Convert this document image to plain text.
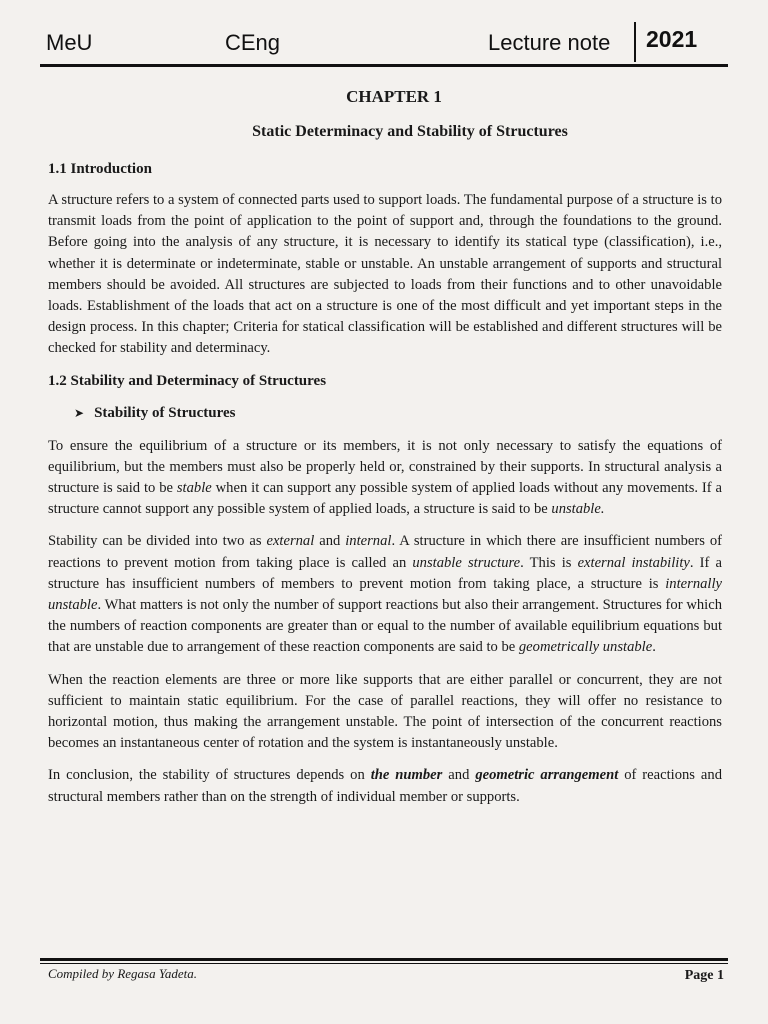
MeU	CEng	Lecture note 2021
CHAPTER 1
Static Determinacy and Stability of Structures
1.1 Introduction

A structure refers to a system of connected parts used to support loads. The fundamental purpose of a structure is to transmit loads from the point of application to the point of support and, through the foundations to the ground. Before going into the analysis of any structure, it is necessary to identify its statical type (classification), i.e., whether it is determinate or indeterminate, stable or unstable. An unstable arrangement of supports and structural members should be avoided. All structures are subjected to loads from their functions and to other unavoidable loads. Establishment of the loads that act on a structure is one of the most difficult and yet important steps in the design process. In this chapter; Criteria for statical classification will be established and different structures will be checked for stability and determinacy.

1.2 Stability and Determinacy of Structures
➤ Stability of Structures

To ensure the equilibrium of a structure or its members, it is not only necessary to satisfy the equations of equilibrium, but the members must also be properly held or, constrained by their supports. In structural analysis a structure is said to be stable when it can support any possible system of applied loads without any movements. If a structure cannot support any possible system of applied loads, a structure is said to be unstable.

Stability can be divided into two as external and internal. A structure in which there are insufficient numbers of reactions to prevent motion from taking place is called an unstable structure. This is external instability. If a structure has insufficient numbers of members to prevent motion from taking place, a structure is internally unstable. What matters is not only the number of support reactions but also their arrangement. Structures for which the numbers of reaction components are greater than or equal to the number of available equilibrium equations but that are unstable due to arrangement of these reaction components are said to be geometrically unstable.

When the reaction elements are three or more like supports that are either parallel or concurrent, they are not sufficient to maintain static equilibrium. For the case of parallel reactions, they will offer no resistance to horizontal motion, thus making the arrangement unstable. The point of intersection of the concurrent reactions becomes an instantaneous center of rotation and the system is instantaneously unstable.

In conclusion, the stability of structures depends on the number and geometric arrangement of reactions and structural members rather than on the strength of individual member or supports.

Compiled by Regasa Yadeta.	Page 1
